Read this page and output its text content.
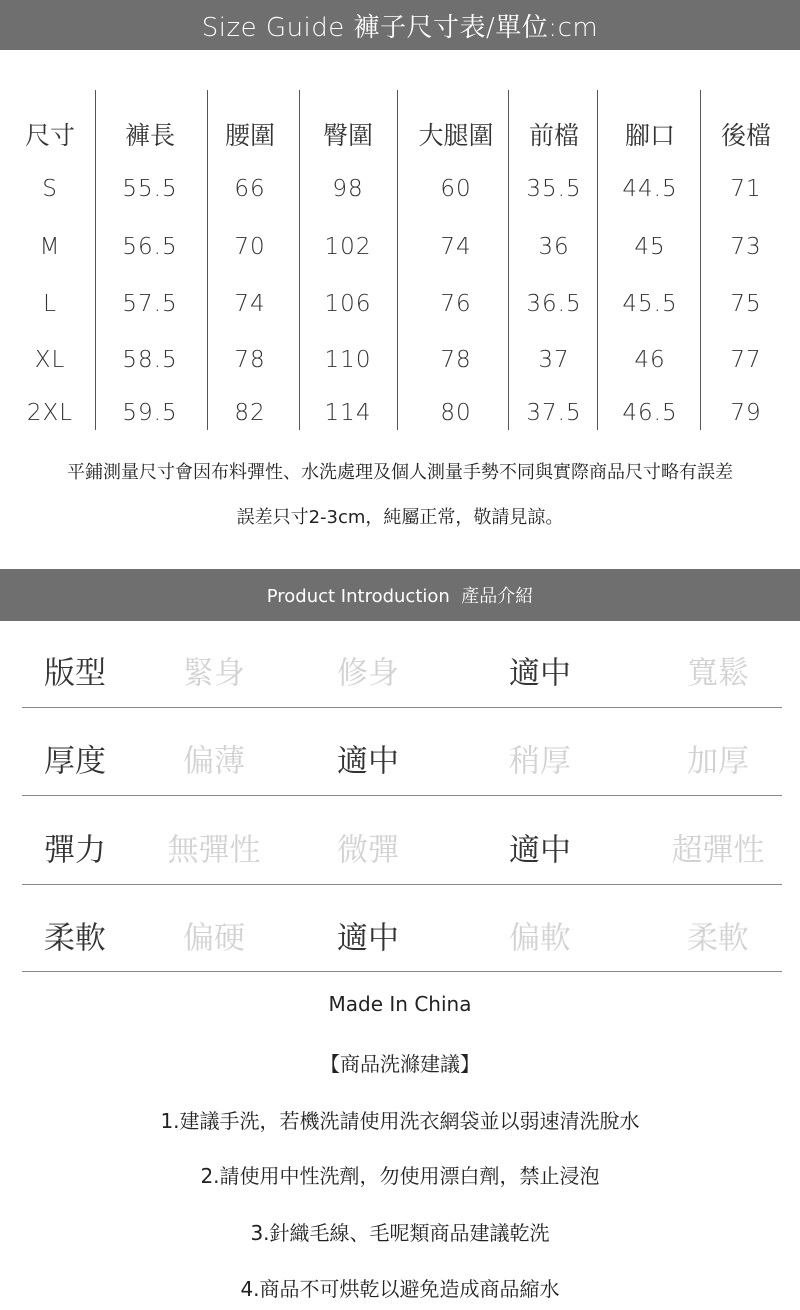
Size Guide 褲子尺寸表/單位:cm
尺寸 褲長 腰圍 臀圍 大腿圍 前檔 腳口 後檔
S	55.5 66	98	60 35.5 44.5 71
M	56.5 70	102	74	36	45	73
L	57.5 74	106	76 36.5 45.5 75
XL 58.5 78	110	78	37	46	77
2XL 59.5 82	114	80 37.5 46.5 79
平鋪測量尺寸會因布料彈性、水洗處理及個人測量手勢不同與實際商品尺寸略有誤差
誤差只寸2-3cm，純屬正常，敬請見諒。
Product Introduction  產品介紹
版型 緊身	修身	適中	寬鬆
厚度 偏薄	適中	稍厚	加厚
彈力 無彈性 微彈	適中	超彈性
柔軟 偏硬	適中	偏軟	柔軟
Made In China
【商品洗滌建議】
1.建議手洗，若機洗請使用洗衣網袋並以弱速清洗脫水
2.請使用中性洗劑，勿使用漂白劑，禁止浸泡
3.針織毛線、毛呢類商品建議乾洗
4.商品不可烘乾以避免造成商品縮水
